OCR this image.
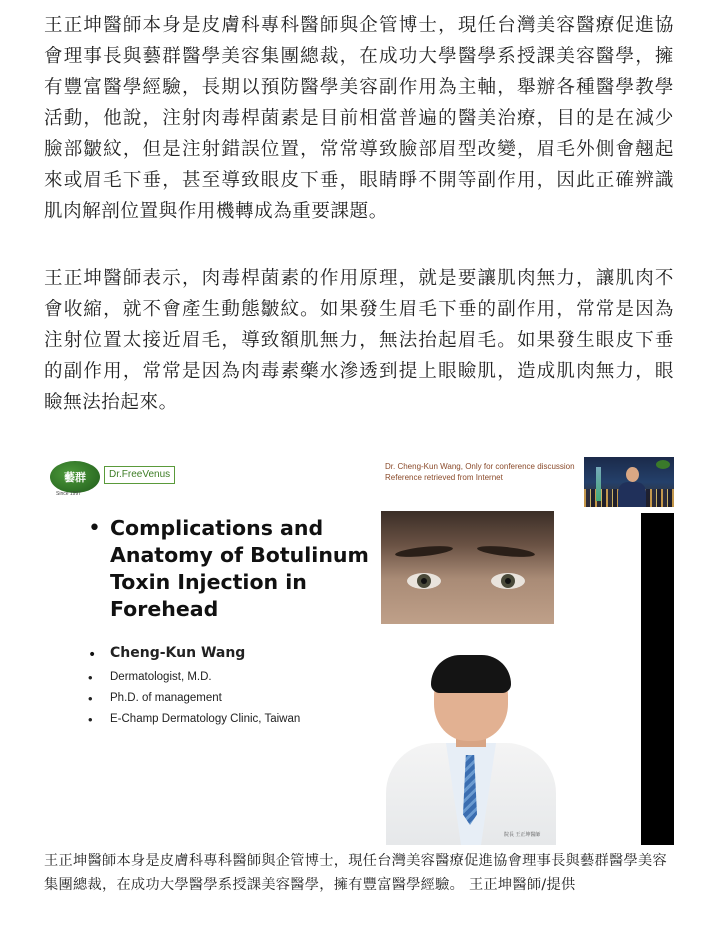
王正坤醫師本身是皮膚科專科醫師與企管博士，現任台灣美容醫療促進協會理事長與藝群醫學美容集團總裁，在成功大學醫學系授課美容醫學，擁有豐富醫學經驗，長期以預防醫學美容副作用為主軸，舉辦各種醫學教學活動，他說，注射肉毒桿菌素是目前相當普遍的醫美治療，目的是在減少臉部皺紋，但是注射錯誤位置，常常導致臉部眉型改變，眉毛外側會翹起來或眉毛下垂，甚至導致眼皮下垂，眼睛睜不開等副作用，因此正確辨識肌肉解剖位置與作用機轉成為重要課題。

王正坤醫師表示，肉毒桿菌素的作用原理，就是要讓肌肉無力，讓肌肉不會收縮，就不會產生動態皺紋。如果發生眉毛下垂的副作用，常常是因為注射位置太接近眉毛，導致額肌無力，無法抬起眉毛。如果發生眼皮下垂的副作用，常常是因為肉毒素藥水滲透到提上眼瞼肌，造成肌肉無力，眼瞼無法抬起來。

藝群
Since 1997
Dr.FreeVenus
Dr. Cheng-Kun Wang, Only for conference discussion
Reference retrieved from Internet
• Complications and Anatomy of Botulinum Toxin Injection in Forehead
• Cheng-Kun Wang
• Dermatologist, M.D.
• Ph.D. of management
• E-Champ Dermatology Clinic, Taiwan
院長 王正坤醫師

王正坤醫師本身是皮膚科專科醫師與企管博士，現任台灣美容醫療促進協會理事長與藝群醫學美容集團總裁，在成功大學醫學系授課美容醫學，擁有豐富醫學經驗。 王正坤醫師/提供
